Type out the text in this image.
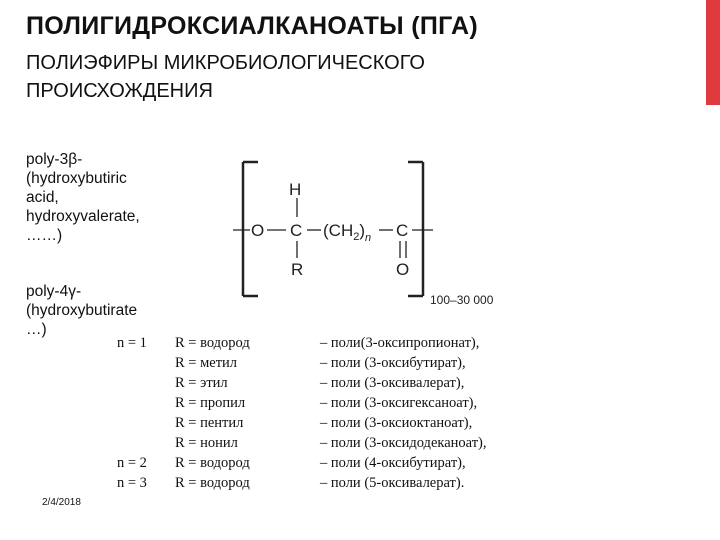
ПОЛИГИДРОКСИАЛКАНОАТЫ (ПГА)
ПОЛИЭФИРЫ МИКРОБИОЛОГИЧЕСКОГО
ПРОИСХОЖДЕНИЯ
poly-3β-
(hydroxybutiric
acid,
hydroxyvalerate,
……)
poly-4γ-
(hydroxybutirate
…)
H
O C $(CH_2)_n$ C
R	O
100–30 000
n = 1 R = водород	– поли(3-оксипропионат),
R = метил	– поли (3-оксибутират),
R = этил	– поли (3-оксивалерат),
R = пропил	– поли (3-оксигексаноат),
R = пентил	– поли (3-оксиоктаноат),
R = нонил	– поли (3-оксидодеканоат),
n = 2 R = водород	– поли (4-оксибутират),
n = 3 R = водород	– поли (5-оксивалерат).
2/4/2018
